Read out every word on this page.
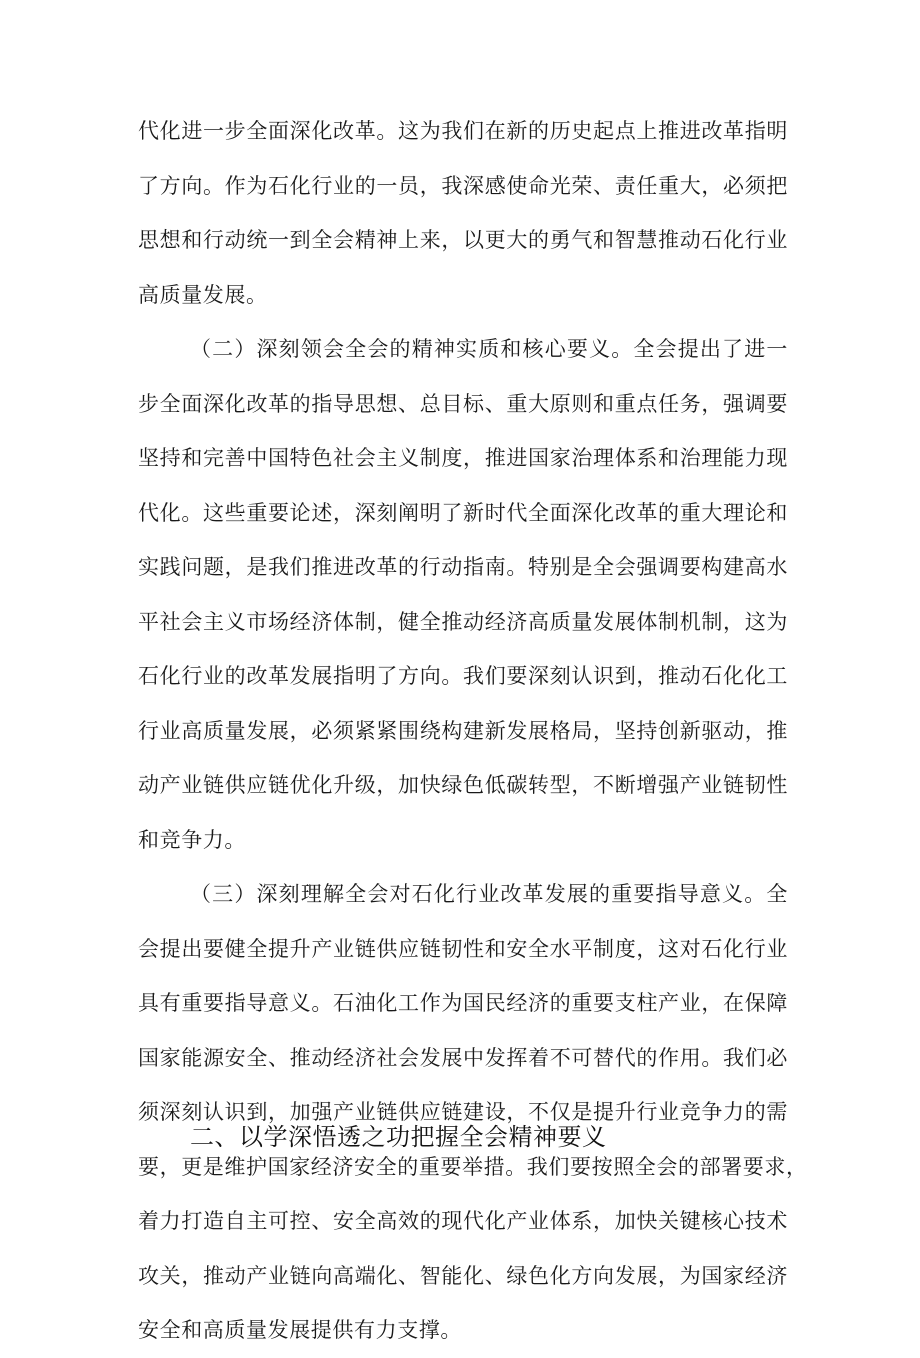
代化进一步全面深化改革。这为我们在新的历史起点上推进改革指明
了方向。作为石化行业的一员，我深感使命光荣、责任重大，必须把
思想和行动统一到全会精神上来，以更大的勇气和智慧推动石化行业
高质量发展。
（二）深刻领会全会的精神实质和核心要义。全会提出了进一
步全面深化改革的指导思想、总目标、重大原则和重点任务，强调要
坚持和完善中国特色社会主义制度，推进国家治理体系和治理能力现
代化。这些重要论述，深刻阐明了新时代全面深化改革的重大理论和
实践问题，是我们推进改革的行动指南。特别是全会强调要构建高水
平社会主义市场经济体制，健全推动经济高质量发展体制机制，这为
石化行业的改革发展指明了方向。我们要深刻认识到，推动石化化工
行业高质量发展，必须紧紧围绕构建新发展格局，坚持创新驱动，推
动产业链供应链优化升级，加快绿色低碳转型，不断增强产业链韧性
和竞争力。
（三）深刻理解全会对石化行业改革发展的重要指导意义。全
会提出要健全提升产业链供应链韧性和安全水平制度，这对石化行业
具有重要指导意义。石油化工作为国民经济的重要支柱产业，在保障
国家能源安全、推动经济社会发展中发挥着不可替代的作用。我们必
须深刻认识到，加强产业链供应链建设，不仅是提升行业竞争力的需
要，更是维护国家经济安全的重要举措。我们要按照全会的部署要求，
着力打造自主可控、安全高效的现代化产业体系，加快关键核心技术
攻关，推动产业链向高端化、智能化、绿色化方向发展，为国家经济
安全和高质量发展提供有力支撑。
二、以学深悟透之功把握全会精神要义
